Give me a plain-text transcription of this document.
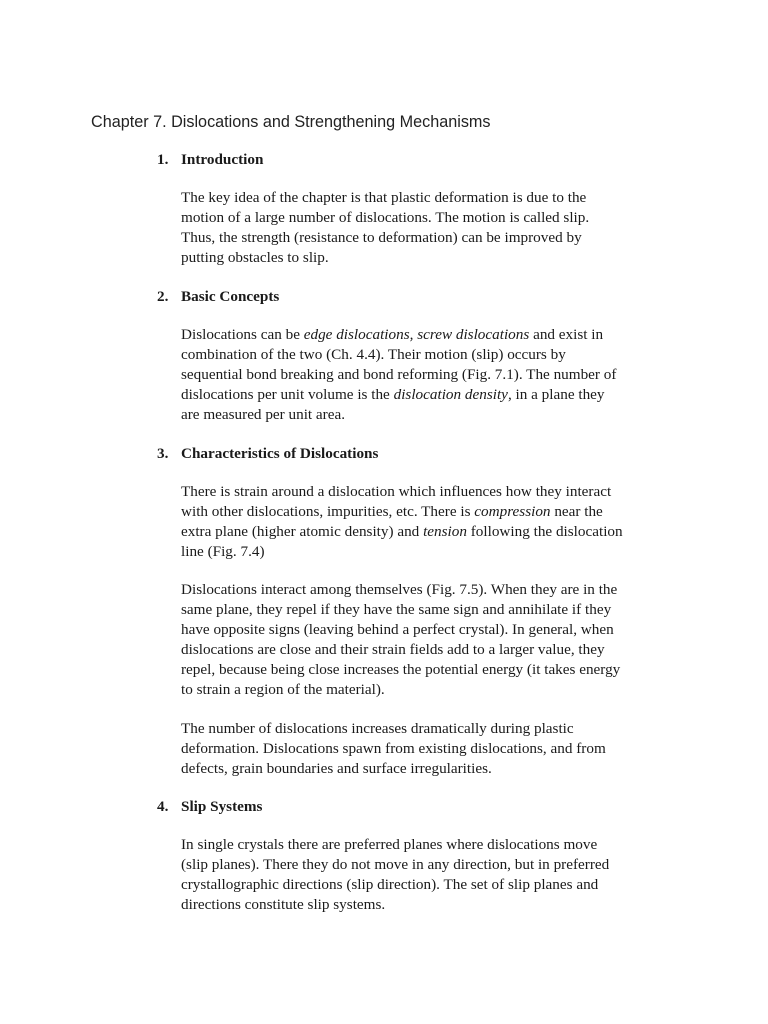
Chapter 7. Dislocations and Strengthening Mechanisms
1. Introduction

The key idea of the chapter is that plastic deformation is due to the
motion of a large number of dislocations. The motion is called slip.
Thus, the strength (resistance to deformation) can be improved by
putting obstacles to slip.

2. Basic Concepts

Dislocations can be edge dislocations, screw dislocations and exist in
combination of the two (Ch. 4.4). Their motion (slip) occurs by
sequential bond breaking and bond reforming (Fig. 7.1). The number of
dislocations per unit volume is the dislocation density, in a plane they
are measured per unit area.

3. Characteristics of Dislocations

There is strain around a dislocation which influences how they interact
with other dislocations, impurities, etc. There is compression near the
extra plane (higher atomic density) and tension following the dislocation
line (Fig. 7.4)

Dislocations interact among themselves (Fig. 7.5). When they are in the
same plane, they repel if they have the same sign and annihilate if they
have opposite signs (leaving behind a perfect crystal). In general, when
dislocations are close and their strain fields add to a larger value, they
repel, because being close increases the potential energy (it takes energy
to strain a region of the material).

The number of dislocations increases dramatically during plastic
deformation. Dislocations spawn from existing dislocations, and from
defects, grain boundaries and surface irregularities.

4. Slip Systems

In single crystals there are preferred planes where dislocations move
(slip planes). There they do not move in any direction, but in preferred
crystallographic directions (slip direction). The set of slip planes and
directions constitute slip systems.
